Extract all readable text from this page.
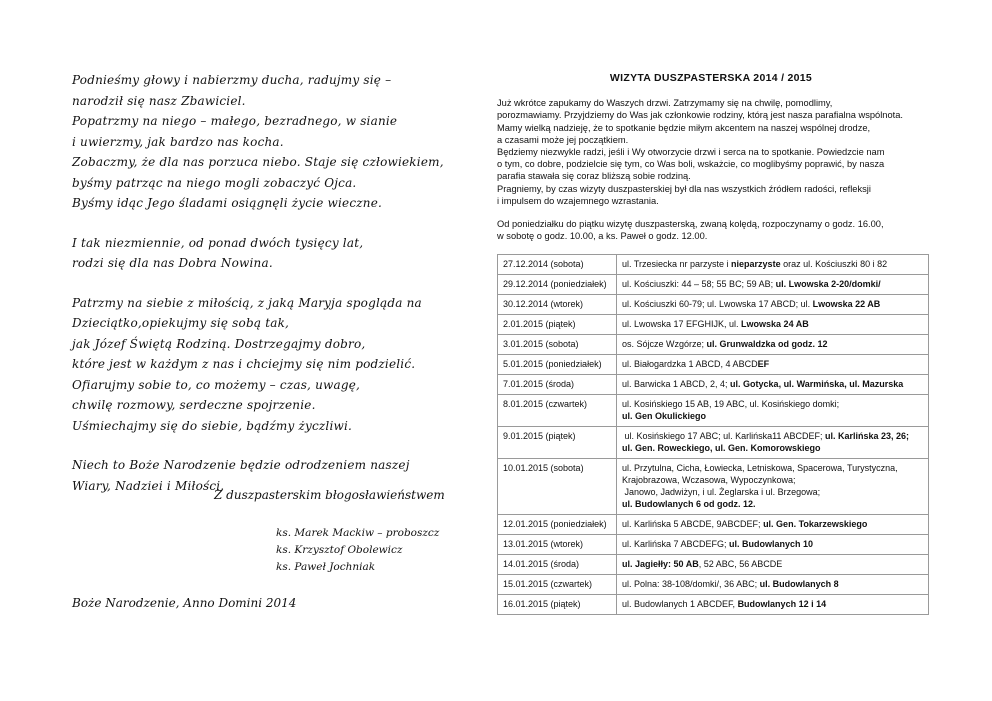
Podnieśmy głowy i nabierzmy ducha, radujmy się –
narodził się nasz Zbawiciel.
Popatrzmy na niego – małego, bezradnego, w sianie
i uwierzmy, jak bardzo nas kocha.
Zobaczmy, że dla nas porzuca niebo. Staje się człowiekiem,
byśmy patrząc na niego mogli zobaczyć Ojca.
Byśmy idąc Jego śladami osiągnęli życie wieczne.

I tak niezmiennie, od ponad dwóch tysięcy lat,
rodzi się dla nas Dobra Nowina.

Patrzmy na siebie z miłością, z jaką Maryja spogląda na
Dzieciątko,opiekujmy się sobą tak,
jak Józef Świętą Rodziną. Dostrzegajmy dobro,
które jest w każdym z nas i chciejmy się nim podzielić.
Ofiarujmy sobie to, co możemy – czas, uwagę,
chwilę rozmowy, serdeczne spojrzenie.
Uśmiechajmy się do siebie, bądźmy życzliwi.

Niech to Boże Narodzenie będzie odrodzeniem naszej
Wiary, Nadziei i Miłości.

Z duszpasterskim błogosławieństwem
ks. Marek Mackiw – proboszcz
ks. Krzysztof Obolewicz
ks. Paweł Jochniak
Boże Narodzenie, Anno Domini 2014
WIZYTA DUSZPASTERSKA 2014 / 2015

Już wkrótce zapukamy do Waszych drzwi. Zatrzymamy się na chwilę, pomodlimy,
porozmawiamy. Przyjdziemy do Was jak członkowie rodziny, którą jest nasza parafialna wspólnota.
Mamy wielką nadzieję, że to spotkanie będzie miłym akcentem na naszej wspólnej drodze,
a czasami może jej początkiem.

Będziemy niezwykle radzi, jeśli i Wy otworzycie drzwi i serca na to spotkanie. Powiedzcie nam
o tym, co dobre, podzielcie się tym, co Was boli, wskażcie, co moglibyśmy poprawić, by nasza
parafia stawała się coraz bliższą sobie rodziną.

Pragniemy, by czas wizyty duszpasterskiej był dla nas wszystkich źródłem radości, refleksji
i impulsem do wzajemnego wzrastania.

Od poniedziałku do piątku wizytę duszpasterską, zwaną kolędą, rozpoczynamy o godz. 16.00,
w sobotę o godz. 10.00, a ks. Paweł o godz. 12.00.

27.12.2014 (sobota)	ul. Trzesiecka nr parzyste i nieparzyste oraz ul. Kościuszki 80 i 82
29.12.2014 (poniedziałek)	ul. Kościuszki: 44 – 58; 55 BC; 59 AB; ul. Lwowska 2-20/domki/
30.12.2014 (wtorek)	ul. Kościuszki 60-79; ul. Lwowska 17 ABCD; ul. Lwowska 22 AB
2.01.2015 (piątek)	ul. Lwowska 17 EFGHIJK, ul. Lwowska 24 AB
3.01.2015 (sobota)	os. Sójcze Wzgórze; ul. Grunwaldzka od godz. 12
5.01.2015 (poniedziałek)	ul. Białogardzka 1 ABCD, 4 ABCDEF
7.01.2015 (środa)	ul. Barwicka 1 ABCD, 2, 4; ul. Gotycka, ul. Warmińska, ul. Mazurska
8.01.2015 (czwartek)	ul. Kosińskiego 15 AB, 19 ABC, ul. Kosińskiego domki;
ul. Gen Okulickiego
9.01.2015 (piątek)	ul. Kosińskiego 17 ABC; ul. Karlińska11 ABCDEF; ul. Karlińska 23, 26;
ul. Gen. Roweckiego, ul. Gen. Komorowskiego
10.01.2015 (sobota)	ul. Przytulna, Cicha, Łowiecka, Letniskowa, Spacerowa, Turystyczna,
Krajobrazowa, Wczasowa, Wypoczynkowa;
Janowo, Jadwiżyn, i ul. Żeglarska i ul. Brzegowa;
ul. Budowlanych 6 od godz. 12.
12.01.2015 (poniedziałek)	ul. Karlińska 5 ABCDE, 9ABCDEF; ul. Gen. Tokarzewskiego
13.01.2015 (wtorek)	ul. Karlińska 7 ABCDEFG; ul. Budowlanych 10
14.01.2015 (środa)	ul. Jagiełły: 50 AB, 52 ABC, 56 ABCDE
15.01.2015 (czwartek)	ul. Polna: 38-108/domki/, 36 ABC; ul. Budowlanych 8
16.01.2015 (piątek)	ul. Budowlanych 1 ABCDEF, Budowlanych 12 i 14
